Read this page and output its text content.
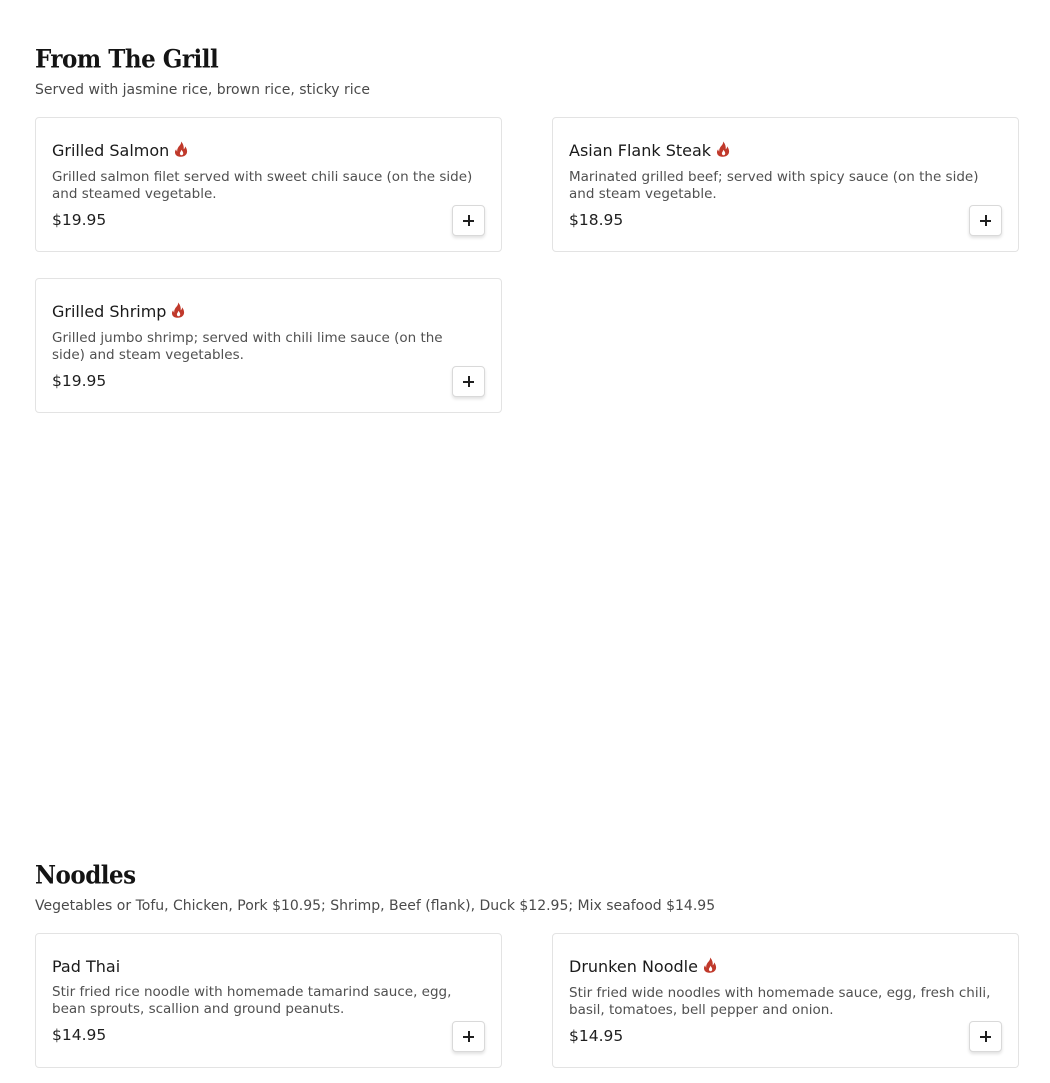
From The Grill

Served with jasmine rice, brown rice, sticky rice

Grilled Salmon
Grilled salmon filet served with sweet chili sauce (on the side) and steamed vegetable.
$19.95
Asian Flank Steak
Marinated grilled beef; served with spicy sauce (on the side) and steam vegetable.
$18.95
Grilled Shrimp
Grilled jumbo shrimp; served with chili lime sauce (on the side) and steam vegetables.
$19.95
Noodles

Vegetables or Tofu, Chicken, Pork $10.95; Shrimp, Beef (flank), Duck $12.95; Mix seafood $14.95

Pad Thai
Stir fried rice noodle with homemade tamarind sauce, egg, bean sprouts, scallion and ground peanuts.
$14.95
Drunken Noodle
Stir fried wide noodles with homemade sauce, egg, fresh chili, basil, tomatoes, bell pepper and onion.
$14.95
